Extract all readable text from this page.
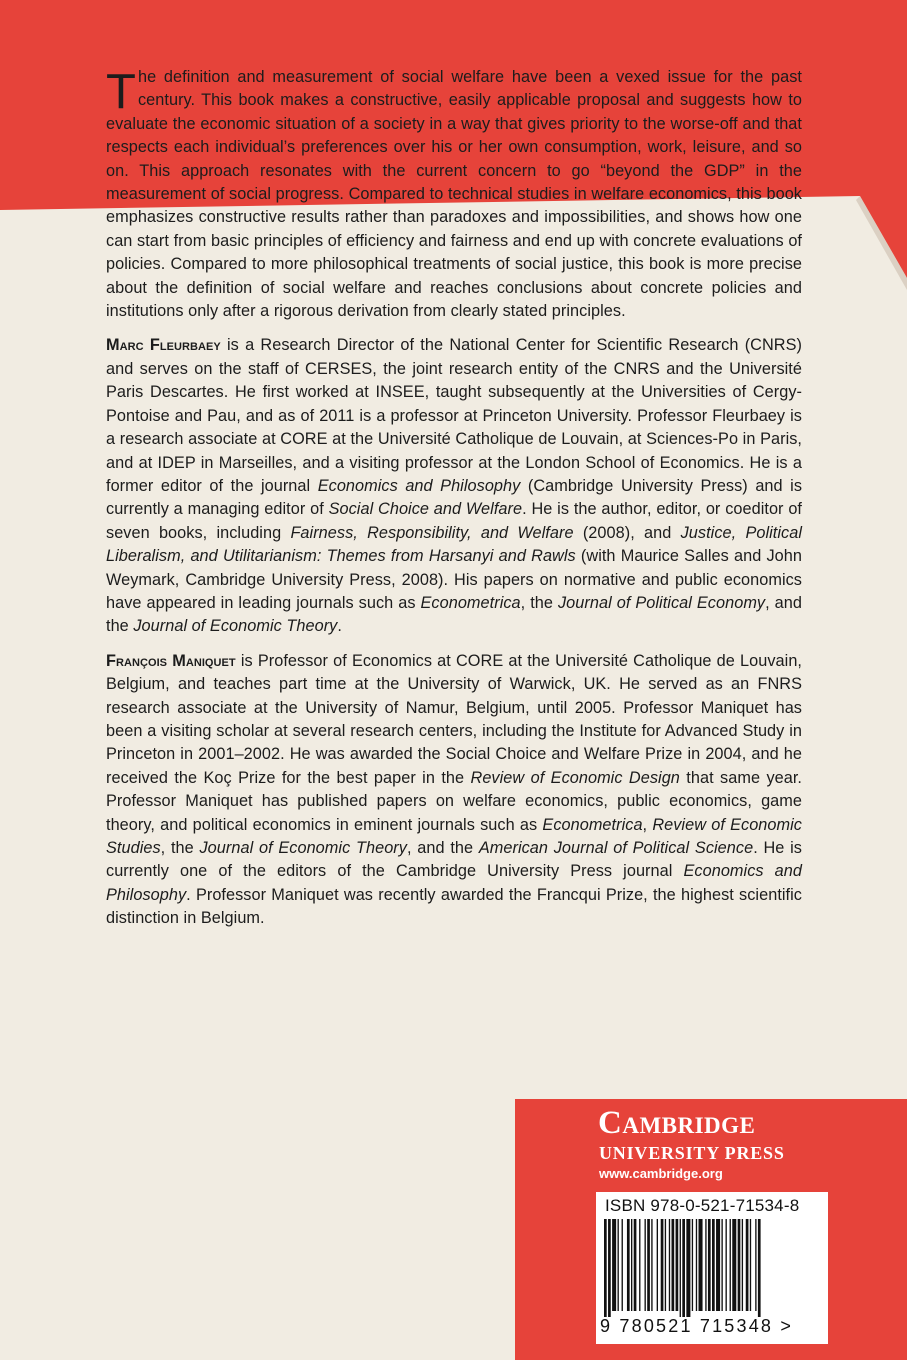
The definition and measurement of social welfare have been a vexed issue for the past century. This book makes a constructive, easily applicable proposal and suggests how to evaluate the economic situation of a society in a way that gives priority to the worse-off and that respects each individual’s preferences over his or her own consumption, work, leisure, and so on. This approach resonates with the current concern to go “beyond the GDP” in the measurement of social progress. Compared to technical studies in welfare economics, this book emphasizes constructive results rather than paradoxes and impossibilities, and shows how one can start from basic principles of efficiency and fairness and end up with concrete evaluations of policies. Compared to more philosophical treatments of social justice, this book is more precise about the definition of social welfare and reaches conclusions about concrete policies and institutions only after a rigorous derivation from clearly stated principles.

Marc Fleurbaey is a Research Director of the National Center for Scientific Research (CNRS) and serves on the staff of CERSES, the joint research entity of the CNRS and the Université Paris Descartes. He first worked at INSEE, taught subsequently at the Universities of Cergy-Pontoise and Pau, and as of 2011 is a professor at Princeton University. Professor Fleurbaey is a research associate at CORE at the Université Catholique de Louvain, at Sciences-Po in Paris, and at IDEP in Marseilles, and a visiting professor at the London School of Economics. He is a former editor of the journal Economics and Philosophy (Cambridge University Press) and is currently a managing editor of Social Choice and Welfare. He is the author, editor, or coeditor of seven books, including Fairness, Responsibility, and Welfare (2008), and Justice, Political Liberalism, and Utilitarianism: Themes from Harsanyi and Rawls (with Maurice Salles and John Weymark, Cambridge University Press, 2008). His papers on normative and public economics have appeared in leading journals such as Econometrica, the Journal of Political Economy, and the Journal of Economic Theory.

François Maniquet is Professor of Economics at CORE at the Université Catholique de Louvain, Belgium, and teaches part time at the University of Warwick, UK. He served as an FNRS research associate at the University of Namur, Belgium, until 2005. Professor Maniquet has been a visiting scholar at several research centers, including the Institute for Advanced Study in Princeton in 2001–2002. He was awarded the Social Choice and Welfare Prize in 2004, and he received the Koç Prize for the best paper in the Review of Economic Design that same year. Professor Maniquet has published papers on welfare economics, public economics, game theory, and political economics in eminent journals such as Econometrica, Review of Economic Studies, the Journal of Economic Theory, and the American Journal of Political Science. He is currently one of the editors of the Cambridge University Press journal Economics and Philosophy. Professor Maniquet was recently awarded the Francqui Prize, the highest scientific distinction in Belgium.

Cambridge
UNIVERSITY PRESS
www.cambridge.org
ISBN 978-0-521-71534-8
9 780521 715348 >
